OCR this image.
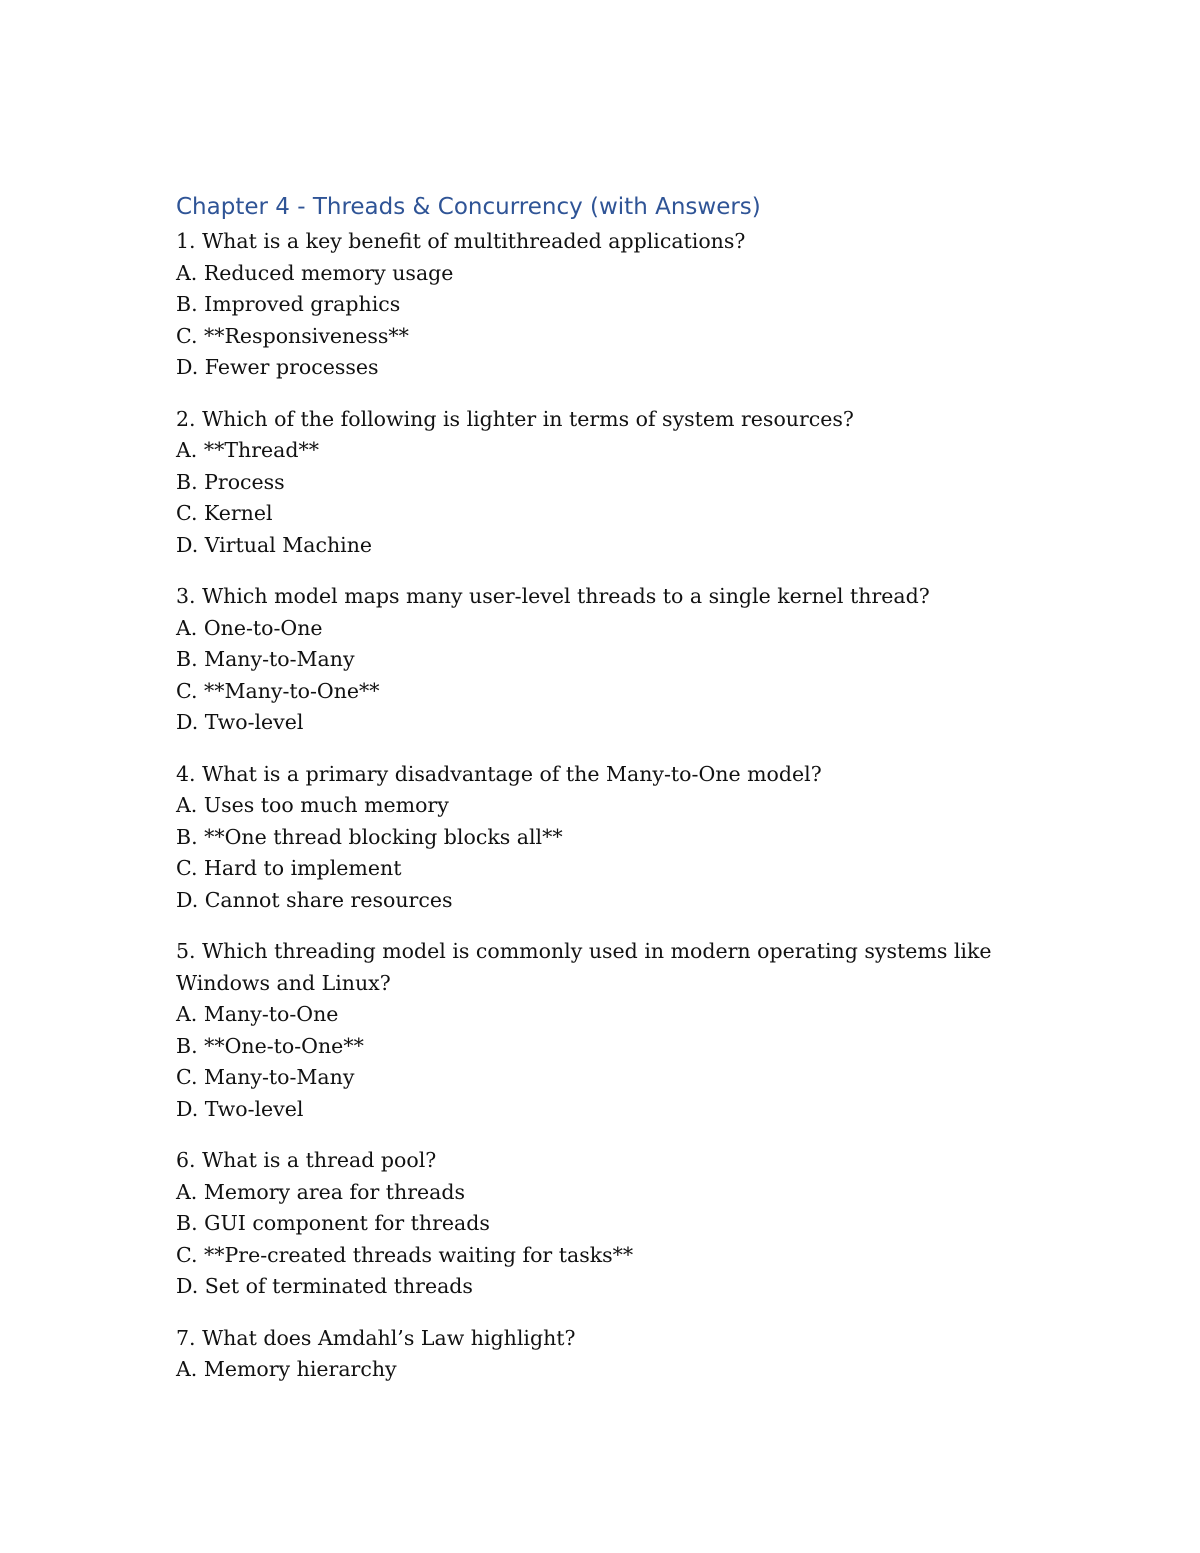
Chapter 4 - Threads & Concurrency (with Answers)
1. What is a key benefit of multithreaded applications?
A. Reduced memory usage
B. Improved graphics
C. **Responsiveness**
D. Fewer processes
2. Which of the following is lighter in terms of system resources?
A. **Thread**
B. Process
C. Kernel
D. Virtual Machine
3. Which model maps many user-level threads to a single kernel thread?
A. One-to-One
B. Many-to-Many
C. **Many-to-One**
D. Two-level
4. What is a primary disadvantage of the Many-to-One model?
A. Uses too much memory
B. **One thread blocking blocks all**
C. Hard to implement
D. Cannot share resources
5. Which threading model is commonly used in modern operating systems like Windows and Linux?
A. Many-to-One
B. **One-to-One**
C. Many-to-Many
D. Two-level
6. What is a thread pool?
A. Memory area for threads
B. GUI component for threads
C. **Pre-created threads waiting for tasks**
D. Set of terminated threads
7. What does Amdahl’s Law highlight?
A. Memory hierarchy
